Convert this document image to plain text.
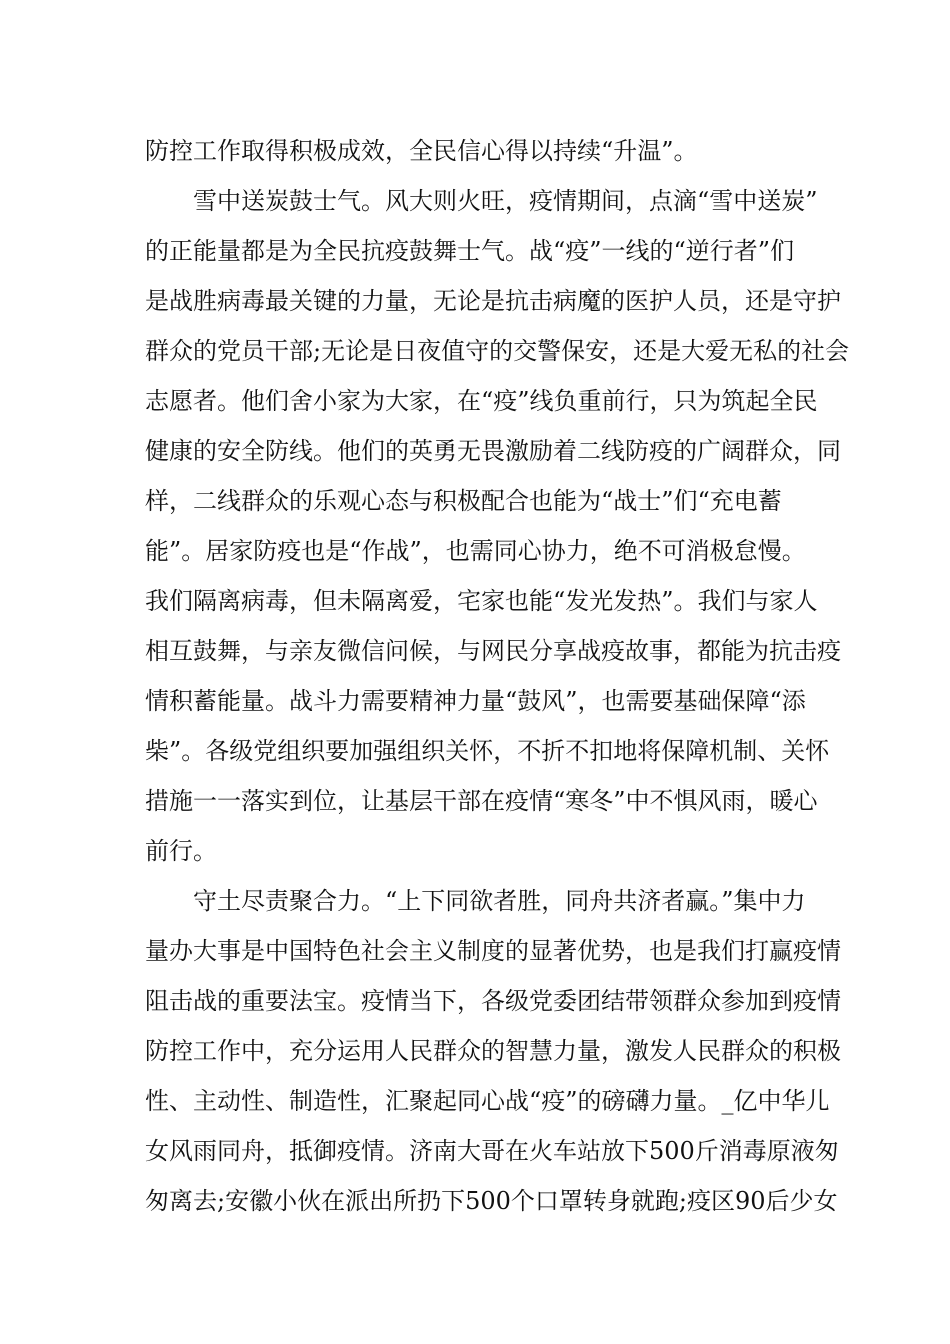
防控工作取得积极成效，全民信心得以持续“升温”。

雪中送炭鼓士气。风大则火旺，疫情期间，点滴“雪中送炭”
的正能量都是为全民抗疫鼓舞士气。战“疫”一线的“逆行者”们
是战胜病毒最关键的力量，无论是抗击病魔的医护人员，还是守护
群众的党员干部;无论是日夜值守的交警保安，还是大爱无私的社会
志愿者。他们舍小家为大家，在“疫”线负重前行，只为筑起全民
健康的安全防线。他们的英勇无畏激励着二线防疫的广阔群众，同
样，二线群众的乐观心态与积极配合也能为“战士”们“充电蓄
能”。居家防疫也是“作战”，也需同心协力，绝不可消极怠慢。
我们隔离病毒，但未隔离爱，宅家也能“发光发热”。我们与家人
相互鼓舞，与亲友微信问候，与网民分享战疫故事，都能为抗击疫
情积蓄能量。战斗力需要精神力量“鼓风”，也需要基础保障“添
柴”。各级党组织要加强组织关怀，不折不扣地将保障机制、关怀
措施一一落实到位，让基层干部在疫情“寒冬”中不惧风雨，暖心
前行。

守土尽责聚合力。“上下同欲者胜，同舟共济者赢。”集中力
量办大事是中国特色社会主义制度的显著优势，也是我们打赢疫情
阻击战的重要法宝。疫情当下，各级党委团结带领群众参加到疫情
防控工作中，充分运用人民群众的智慧力量，激发人民群众的积极
性、主动性、制造性，汇聚起同心战“疫”的磅礴力量。_亿中华儿
女风雨同舟，抵御疫情。济南大哥在火车站放下500斤消毒原液匆
匆离去;安徽小伙在派出所扔下500个口罩转身就跑;疫区90后少女
